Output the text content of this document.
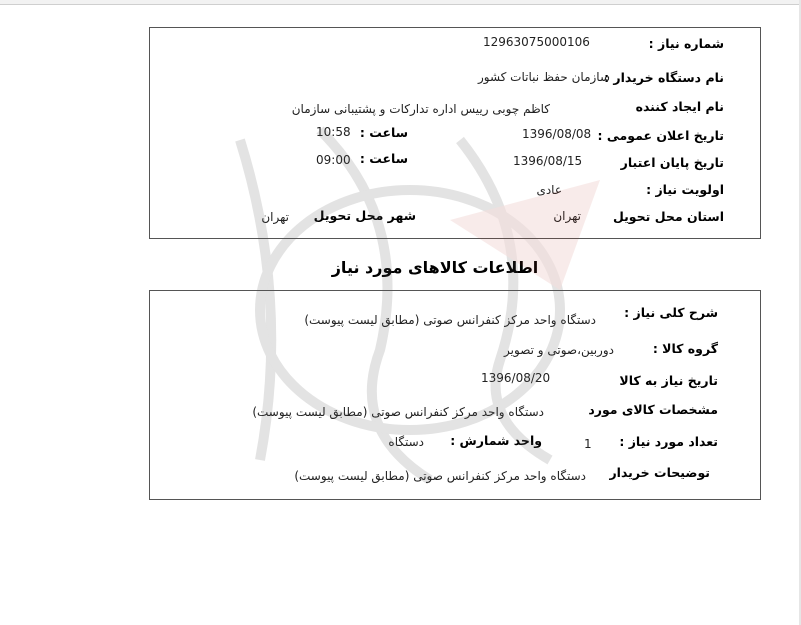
شماره نیاز :
12963075000106
نام دستگاه خریدار :
سازمان حفظ نباتات کشور
نام ایجاد کننده
کاظم چوبی رییس اداره تدارکات و پشتیبانی سازمان
تاریخ اعلان عمومی :
1396/08/08
ساعت :
10:58
تاریخ پایان اعتبار
1396/08/15
ساعت :
09:00
اولویت نیاز :
عادی
استان محل تحویل
تهران
شهر محل تحویل
تهران
اطلاعات کالاهای مورد نیاز
شرح کلی نیاز :
دستگاه واحد مرکز کنفرانس صوتی (مطابق لیست پیوست)
گروه کالا :
دوربین،صوتی و تصویر
تاریخ نیاز به کالا
1396/08/20
مشخصات کالای مورد
دستگاه واحد مرکز کنفرانس صوتی (مطابق لیست پیوست)
تعداد مورد نیاز :
1
واحد شمارش :
دستگاه
توضیحات خریدار
دستگاه واحد مرکز کنفرانس صوتی (مطابق لیست پیوست)
